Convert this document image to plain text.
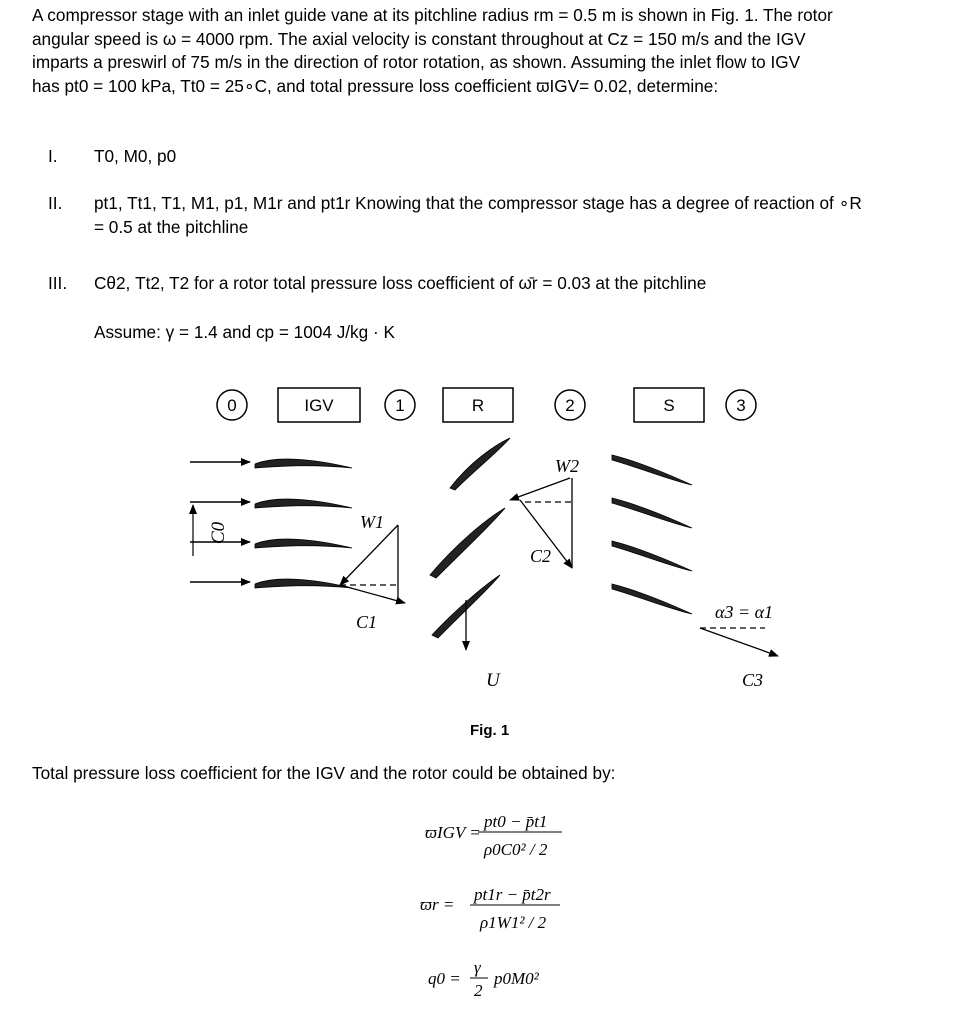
A compressor stage with an inlet guide vane at its pitchline radius rm = 0.5 m is shown in Fig. 1. The rotor
angular speed is ω = 4000 rpm. The axial velocity is constant throughout at Cz = 150 m/s and the IGV
imparts a preswirl of 75 m/s in the direction of rotor rotation, as shown. Assuming the inlet flow to IGV
has pt0 = 100 kPa, Tt0 = 25∘C, and total pressure loss coefficient ϖIGV= 0.02, determine:
I. T0, M0, p0
II. pt1, Tt1, T1, M1, p1, M1r and pt1r Knowing that the compressor stage has a degree of reaction of ∘R
= 0.5 at the pitchline
III. Cθ2, Tt2, T2 for a rotor total pressure loss coefficient of ω̄r = 0.03 at the pitchline
Assume: γ = 1.4 and cp = 1004 J/kg · K
0	IGV	1	R	2	S	3
C0	W1
C1
U
W2
C2
α3 = α1
C3
ϖIGV =
pt0 − p̄t1
ρ0C0² / 2
ϖr =
pt1r − p̄t2r
ρ1W1² / 2
q0 =
γ
2
p0M0²
Fig. 1
Total pressure loss coefficient for the IGV and the rotor could be obtained by:
